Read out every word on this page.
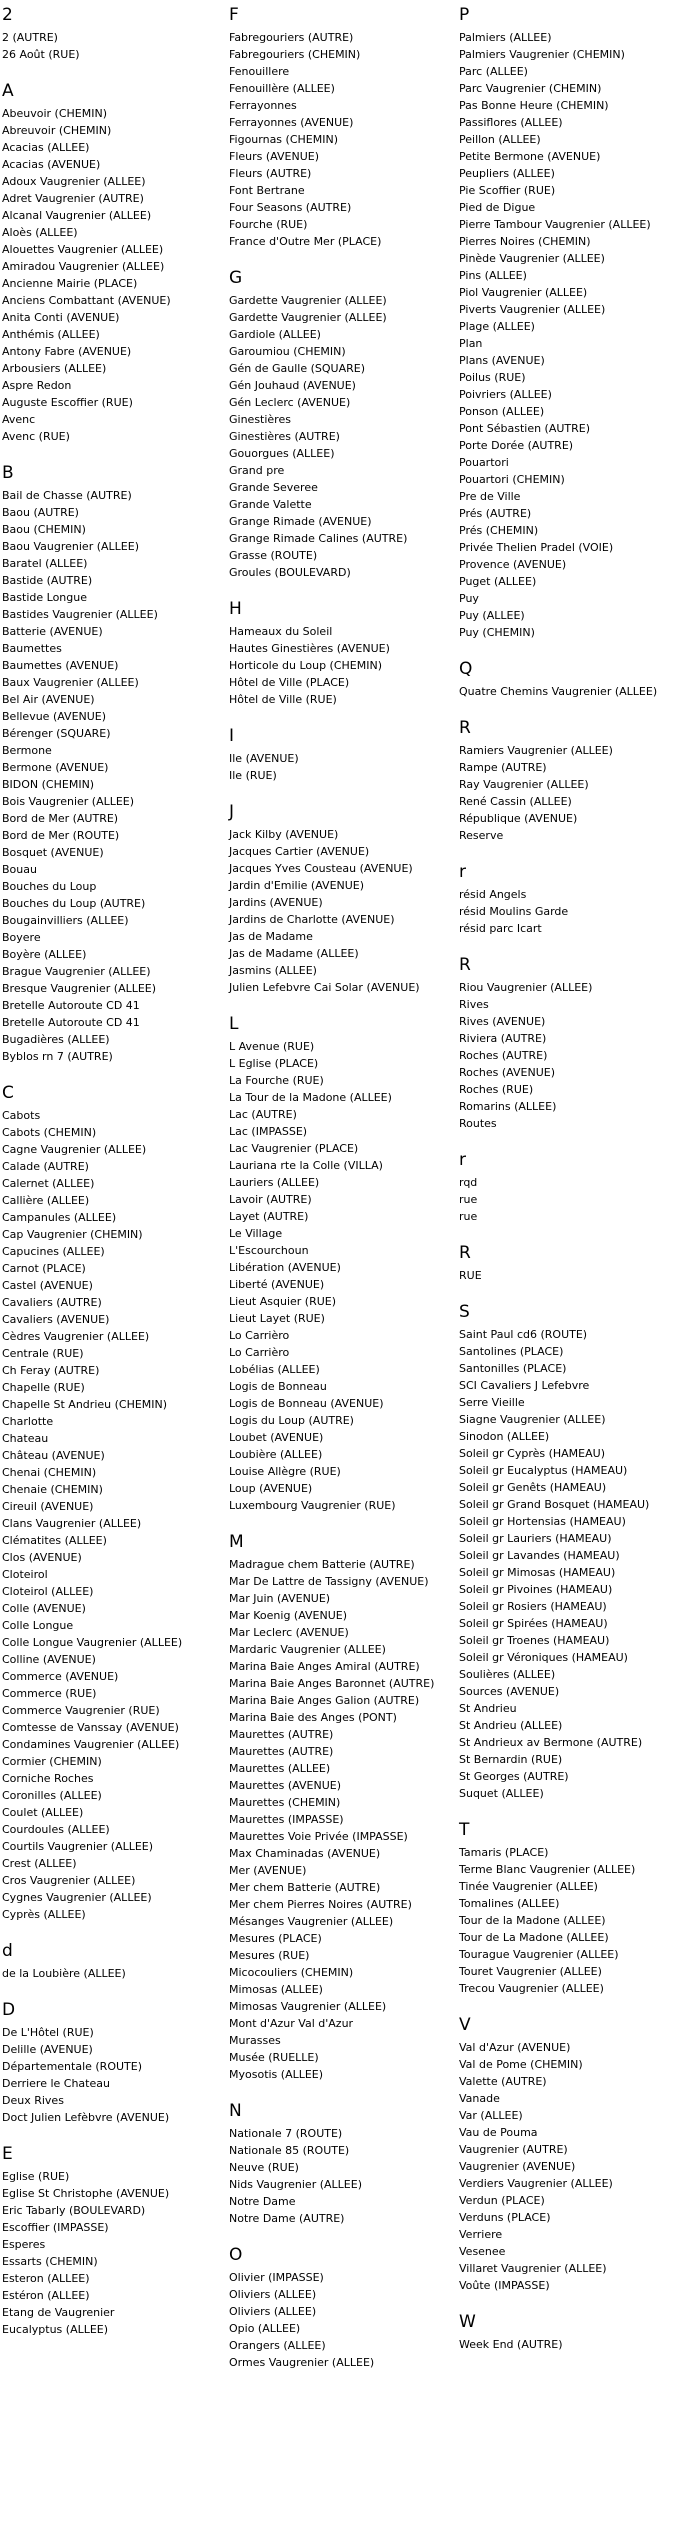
2
2 (AUTRE)
26 Août (RUE)
A
Abeuvoir (CHEMIN)
Abreuvoir (CHEMIN)
Acacias (ALLEE)
Acacias (AVENUE)
Adoux Vaugrenier (ALLEE)
Adret Vaugrenier (AUTRE)
Alcanal Vaugrenier (ALLEE)
Aloès (ALLEE)
Alouettes Vaugrenier (ALLEE)
Amiradou Vaugrenier (ALLEE)
Ancienne Mairie (PLACE)
Anciens Combattant (AVENUE)
Anita Conti (AVENUE)
Anthémis (ALLEE)
Antony Fabre (AVENUE)
Arbousiers (ALLEE)
Aspre Redon
Auguste Escoffier (RUE)
Avenc
Avenc (RUE)
B
Bail de Chasse (AUTRE)
Baou (AUTRE)
Baou (CHEMIN)
Baou Vaugrenier (ALLEE)
Baratel (ALLEE)
Bastide (AUTRE)
Bastide Longue
Bastides Vaugrenier (ALLEE)
Batterie (AVENUE)
Baumettes
Baumettes (AVENUE)
Baux Vaugrenier (ALLEE)
Bel Air (AVENUE)
Bellevue (AVENUE)
Bérenger (SQUARE)
Bermone
Bermone (AVENUE)
BIDON (CHEMIN)
Bois Vaugrenier (ALLEE)
Bord de Mer (AUTRE)
Bord de Mer (ROUTE)
Bosquet (AVENUE)
Bouau
Bouches du Loup
Bouches du Loup (AUTRE)
Bougainvilliers (ALLEE)
Boyere
Boyère (ALLEE)
Brague Vaugrenier (ALLEE)
Bresque Vaugrenier (ALLEE)
Bretelle Autoroute CD 41
Bretelle Autoroute CD 41
Bugadières (ALLEE)
Byblos rn 7 (AUTRE)
C
Cabots
Cabots (CHEMIN)
Cagne Vaugrenier (ALLEE)
Calade (AUTRE)
Calernet (ALLEE)
Callière (ALLEE)
Campanules (ALLEE)
Cap Vaugrenier (CHEMIN)
Capucines (ALLEE)
Carnot (PLACE)
Castel (AVENUE)
Cavaliers (AUTRE)
Cavaliers (AVENUE)
Cèdres Vaugrenier (ALLEE)
Centrale (RUE)
Ch Feray (AUTRE)
Chapelle (RUE)
Chapelle St Andrieu (CHEMIN)
Charlotte
Chateau
Château (AVENUE)
Chenai (CHEMIN)
Chenaie (CHEMIN)
Cireuil (AVENUE)
Clans Vaugrenier (ALLEE)
Clématites (ALLEE)
Clos (AVENUE)
Cloteirol
Cloteirol (ALLEE)
Colle (AVENUE)
Colle Longue
Colle Longue Vaugrenier (ALLEE)
Colline (AVENUE)
Commerce (AVENUE)
Commerce (RUE)
Commerce Vaugrenier (RUE)
Comtesse de Vanssay (AVENUE)
Condamines Vaugrenier (ALLEE)
Cormier (CHEMIN)
Corniche Roches
Coronilles (ALLEE)
Coulet (ALLEE)
Courdoules (ALLEE)
Courtils Vaugrenier (ALLEE)
Crest (ALLEE)
Cros Vaugrenier (ALLEE)
Cygnes Vaugrenier (ALLEE)
Cyprès (ALLEE)
d
de la Loubière (ALLEE)
D
De L'Hôtel (RUE)
Delille (AVENUE)
Départementale (ROUTE)
Derriere le Chateau
Deux Rives
Doct Julien Lefèbvre (AVENUE)
E
Eglise (RUE)
Eglise St Christophe (AVENUE)
Eric Tabarly (BOULEVARD)
Escoffier (IMPASSE)
Esperes
Essarts (CHEMIN)
Esteron (ALLEE)
Estéron (ALLEE)
Etang de Vaugrenier
Eucalyptus (ALLEE)
F
Fabregouriers (AUTRE)
Fabregouriers (CHEMIN)
Fenouillere
Fenouillère (ALLEE)
Ferrayonnes
Ferrayonnes (AVENUE)
Figournas (CHEMIN)
Fleurs (AVENUE)
Fleurs (AUTRE)
Font Bertrane
Four Seasons (AUTRE)
Fourche (RUE)
France d'Outre Mer (PLACE)
G
Gardette Vaugrenier (ALLEE)
Gardette Vaugrenier (ALLEE)
Gardiole (ALLEE)
Garoumiou (CHEMIN)
Gén de Gaulle (SQUARE)
Gén Jouhaud (AVENUE)
Gén Leclerc (AVENUE)
Ginestières
Ginestières (AUTRE)
Gouorgues (ALLEE)
Grand pre
Grande Severee
Grande Valette
Grange Rimade (AVENUE)
Grange Rimade Calines (AUTRE)
Grasse (ROUTE)
Groules (BOULEVARD)
H
Hameaux du Soleil
Hautes Ginestières (AVENUE)
Horticole du Loup (CHEMIN)
Hôtel de Ville (PLACE)
Hôtel de Ville (RUE)
I
Ile (AVENUE)
Ile (RUE)
J
Jack Kilby (AVENUE)
Jacques Cartier (AVENUE)
Jacques Yves Cousteau (AVENUE)
Jardin d'Emilie (AVENUE)
Jardins (AVENUE)
Jardins de Charlotte (AVENUE)
Jas de Madame
Jas de Madame (ALLEE)
Jasmins (ALLEE)
Julien Lefebvre Cai Solar (AVENUE)
L
L Avenue (RUE)
L Eglise (PLACE)
La Fourche (RUE)
La Tour de la Madone (ALLEE)
Lac (AUTRE)
Lac (IMPASSE)
Lac Vaugrenier (PLACE)
Lauriana rte la Colle (VILLA)
Lauriers (ALLEE)
Lavoir (AUTRE)
Layet (AUTRE)
Le Village
L'Escourchoun
Libération (AVENUE)
Liberté (AVENUE)
Lieut Asquier (RUE)
Lieut Layet (RUE)
Lo Carrièro
Lo Carrièro
Lobélias (ALLEE)
Logis de Bonneau
Logis de Bonneau (AVENUE)
Logis du Loup (AUTRE)
Loubet (AVENUE)
Loubière (ALLEE)
Louise Allègre (RUE)
Loup (AVENUE)
Luxembourg Vaugrenier (RUE)
M
Madrague chem Batterie (AUTRE)
Mar De Lattre de Tassigny (AVENUE)
Mar Juin (AVENUE)
Mar Koenig (AVENUE)
Mar Leclerc (AVENUE)
Mardaric Vaugrenier (ALLEE)
Marina Baie Anges Amiral (AUTRE)
Marina Baie Anges Baronnet (AUTRE)
Marina Baie Anges Galion (AUTRE)
Marina Baie des Anges (PONT)
Maurettes (AUTRE)
Maurettes (AUTRE)
Maurettes (ALLEE)
Maurettes (AVENUE)
Maurettes (CHEMIN)
Maurettes (IMPASSE)
Maurettes Voie Privée (IMPASSE)
Max Chaminadas (AVENUE)
Mer (AVENUE)
Mer chem Batterie (AUTRE)
Mer chem Pierres Noires (AUTRE)
Mésanges Vaugrenier (ALLEE)
Mesures (PLACE)
Mesures (RUE)
Micocouliers (CHEMIN)
Mimosas (ALLEE)
Mimosas Vaugrenier (ALLEE)
Mont d'Azur Val d'Azur
Murasses
Musée (RUELLE)
Myosotis (ALLEE)
N
Nationale 7 (ROUTE)
Nationale 85 (ROUTE)
Neuve (RUE)
Nids Vaugrenier (ALLEE)
Notre Dame
Notre Dame (AUTRE)
O
Olivier (IMPASSE)
Oliviers (ALLEE)
Oliviers (ALLEE)
Opio (ALLEE)
Orangers (ALLEE)
Ormes Vaugrenier (ALLEE)
P
Palmiers (ALLEE)
Palmiers Vaugrenier (CHEMIN)
Parc (ALLEE)
Parc Vaugrenier (CHEMIN)
Pas Bonne Heure (CHEMIN)
Passiflores (ALLEE)
Peillon (ALLEE)
Petite Bermone (AVENUE)
Peupliers (ALLEE)
Pie Scoffier (RUE)
Pied de Digue
Pierre Tambour Vaugrenier (ALLEE)
Pierres Noires (CHEMIN)
Pinède Vaugrenier (ALLEE)
Pins (ALLEE)
Piol Vaugrenier (ALLEE)
Piverts Vaugrenier (ALLEE)
Plage (ALLEE)
Plan
Plans (AVENUE)
Poilus (RUE)
Poivriers (ALLEE)
Ponson (ALLEE)
Pont Sébastien (AUTRE)
Porte Dorée (AUTRE)
Pouartori
Pouartori (CHEMIN)
Pre de Ville
Prés (AUTRE)
Prés (CHEMIN)
Privée Thelien Pradel (VOIE)
Provence (AVENUE)
Puget (ALLEE)
Puy
Puy (ALLEE)
Puy (CHEMIN)
Q
Quatre Chemins Vaugrenier (ALLEE)
R
Ramiers Vaugrenier (ALLEE)
Rampe (AUTRE)
Ray Vaugrenier (ALLEE)
René Cassin (ALLEE)
République (AVENUE)
Reserve
r
résid Angels
résid Moulins Garde
résid parc Icart
R
Riou Vaugrenier (ALLEE)
Rives
Rives (AVENUE)
Riviera (AUTRE)
Roches (AUTRE)
Roches (AVENUE)
Roches (RUE)
Romarins (ALLEE)
Routes
r
rqd
rue
rue
R
RUE
S
Saint Paul cd6 (ROUTE)
Santolines (PLACE)
Santonilles (PLACE)
SCI Cavaliers J Lefebvre
Serre Vieille
Siagne Vaugrenier (ALLEE)
Sinodon (ALLEE)
Soleil gr Cyprès (HAMEAU)
Soleil gr Eucalyptus (HAMEAU)
Soleil gr Genêts (HAMEAU)
Soleil gr Grand Bosquet (HAMEAU)
Soleil gr Hortensias (HAMEAU)
Soleil gr Lauriers (HAMEAU)
Soleil gr Lavandes (HAMEAU)
Soleil gr Mimosas (HAMEAU)
Soleil gr Pivoines (HAMEAU)
Soleil gr Rosiers (HAMEAU)
Soleil gr Spirées (HAMEAU)
Soleil gr Troenes (HAMEAU)
Soleil gr Véroniques (HAMEAU)
Soulières (ALLEE)
Sources (AVENUE)
St Andrieu
St Andrieu (ALLEE)
St Andrieux av Bermone (AUTRE)
St Bernardin (RUE)
St Georges (AUTRE)
Suquet (ALLEE)
T
Tamaris (PLACE)
Terme Blanc Vaugrenier (ALLEE)
Tinée Vaugrenier (ALLEE)
Tomalines (ALLEE)
Tour de la Madone (ALLEE)
Tour de La Madone (ALLEE)
Tourague Vaugrenier (ALLEE)
Touret Vaugrenier (ALLEE)
Trecou Vaugrenier (ALLEE)
V
Val d'Azur (AVENUE)
Val de Pome (CHEMIN)
Valette (AUTRE)
Vanade
Var (ALLEE)
Vau de Pouma
Vaugrenier (AUTRE)
Vaugrenier (AVENUE)
Verdiers Vaugrenier (ALLEE)
Verdun (PLACE)
Verduns (PLACE)
Verriere
Vesenee
Villaret Vaugrenier (ALLEE)
Voûte (IMPASSE)
W
Week End (AUTRE)
